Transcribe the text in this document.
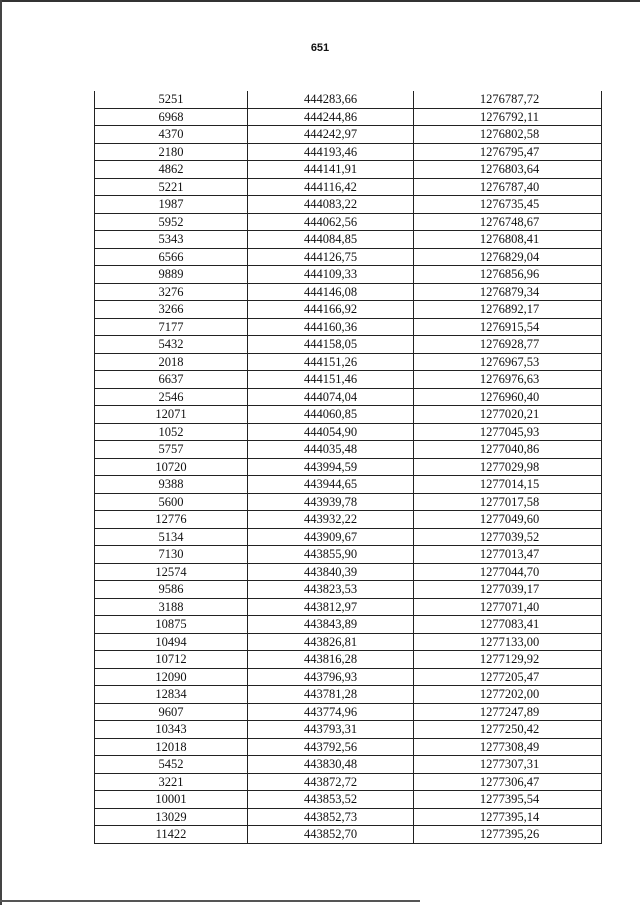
651
5251	444283,66	1276787,72
6968	444244,86	1276792,11
4370	444242,97	1276802,58
2180	444193,46	1276795,47
4862	444141,91	1276803,64
5221	444116,42	1276787,40
1987	444083,22	1276735,45
5952	444062,56	1276748,67
5343	444084,85	1276808,41
6566	444126,75	1276829,04
9889	444109,33	1276856,96
3276	444146,08	1276879,34
3266	444166,92	1276892,17
7177	444160,36	1276915,54
5432	444158,05	1276928,77
2018	444151,26	1276967,53
6637	444151,46	1276976,63
2546	444074,04	1276960,40
12071	444060,85	1277020,21
1052	444054,90	1277045,93
5757	444035,48	1277040,86
10720	443994,59	1277029,98
9388	443944,65	1277014,15
5600	443939,78	1277017,58
12776	443932,22	1277049,60
5134	443909,67	1277039,52
7130	443855,90	1277013,47
12574	443840,39	1277044,70
9586	443823,53	1277039,17
3188	443812,97	1277071,40
10875	443843,89	1277083,41
10494	443826,81	1277133,00
10712	443816,28	1277129,92
12090	443796,93	1277205,47
12834	443781,28	1277202,00
9607	443774,96	1277247,89
10343	443793,31	1277250,42
12018	443792,56	1277308,49
5452	443830,48	1277307,31
3221	443872,72	1277306,47
10001	443853,52	1277395,54
13029	443852,73	1277395,14
11422	443852,70	1277395,26
